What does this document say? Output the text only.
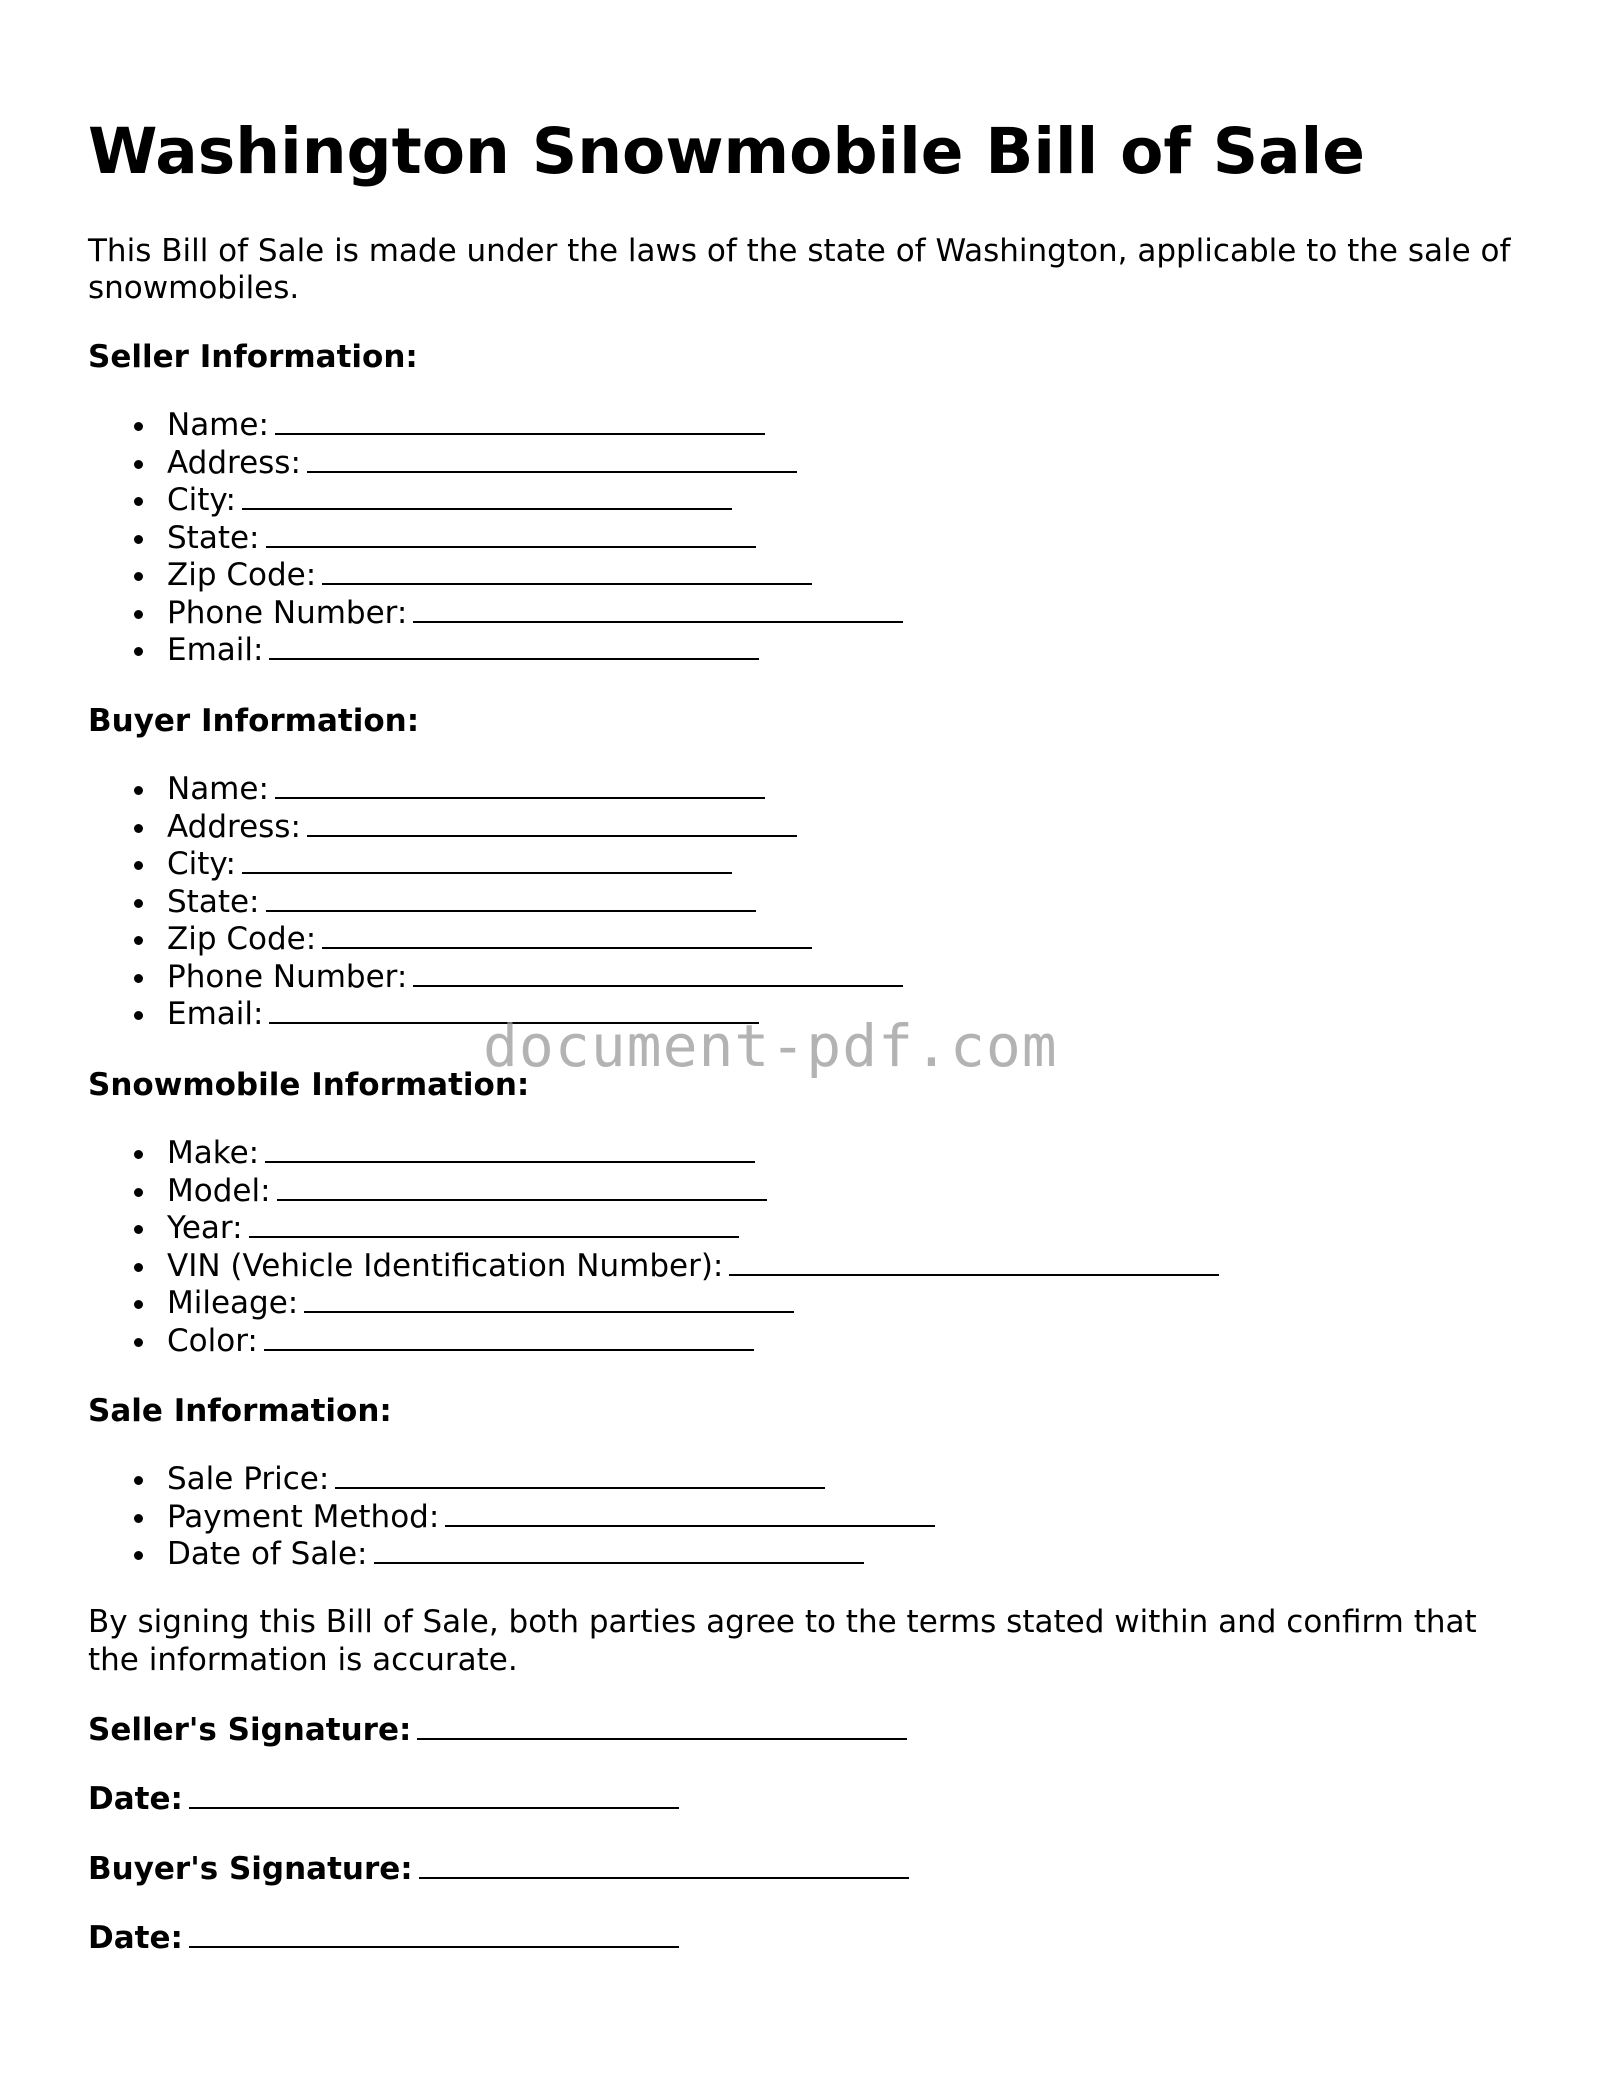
Washington Snowmobile Bill of Sale

This Bill of Sale is made under the laws of the state of Washington, applicable to the sale of snowmobiles.

Seller Information:

Name:
Address:
City:
State:
Zip Code:
Phone Number:
Email:

Buyer Information:

Name:
Address:
City:
State:
Zip Code:
Phone Number:
Email:

Snowmobile Information:

Make:
Model:
Year:
VIN (Vehicle Identification Number):
Mileage:
Color:

Sale Information:

Sale Price:
Payment Method:
Date of Sale:

By signing this Bill of Sale, both parties agree to the terms stated within and confirm that the information is accurate.

Seller's Signature:

Date:

Buyer's Signature:

Date:

document-pdf.com
